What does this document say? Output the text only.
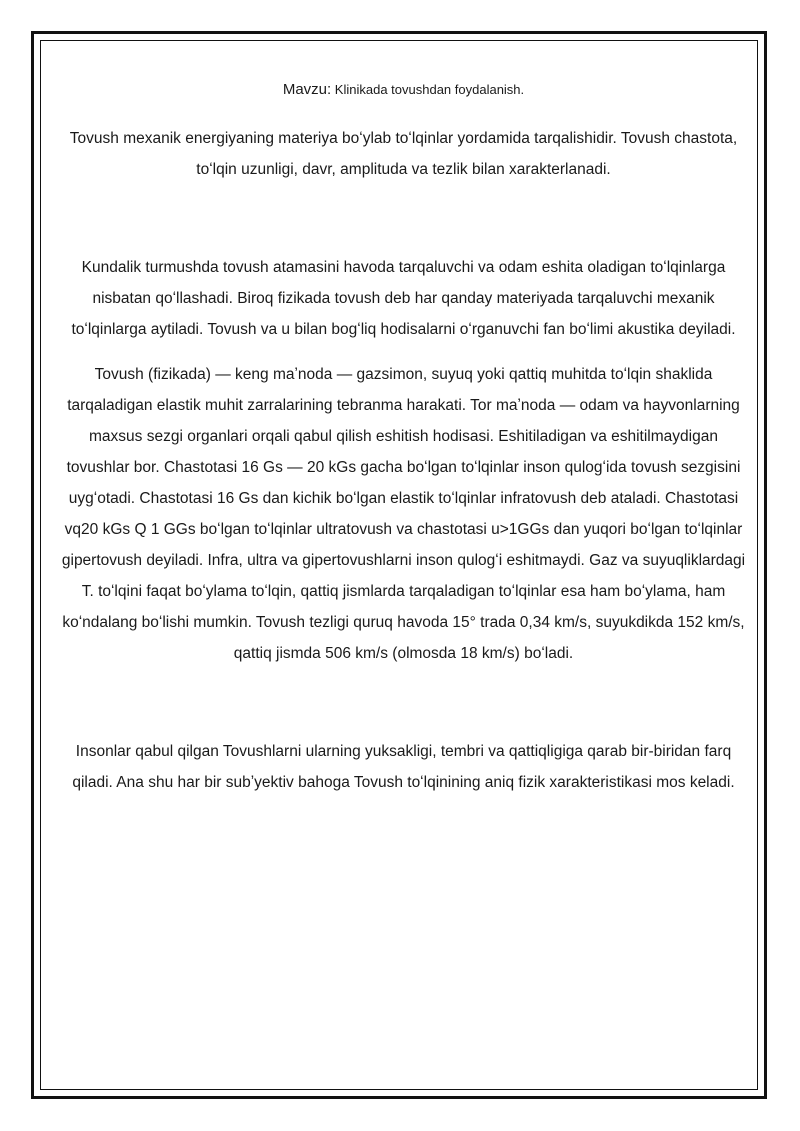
Mavzu: Klinikada tovushdan foydalanish.

Tovush mexanik energiyaning materiya boʻylab toʻlqinlar yordamida tarqalishidir. Tovush chastota, toʻlqin uzunligi, davr, amplituda va tezlik bilan xarakterlanadi.

Kundalik turmushda tovush atamasini havoda tarqaluvchi va odam eshita oladigan toʻlqinlarga nisbatan qoʻllashadi. Biroq fizikada tovush deb har qanday materiyada tarqaluvchi mexanik toʻlqinlarga aytiladi. Tovush va u bilan bogʻliq hodisalarni oʻrganuvchi fan boʻlimi akustika deyiladi.

Tovush (fizikada) — keng maʼnoda — gazsimon, suyuq yoki qattiq muhitda toʻlqin shaklida tarqaladigan elastik muhit zarralarining tebranma harakati. Tor maʼnoda — odam va hayvonlarning maxsus sezgi organlari orqali qabul qilish eshitish hodisasi. Eshitiladigan va eshitilmaydigan tovushlar bor. Chastotasi 16 Gs — 20 kGs gacha boʻlgan toʻlqinlar inson qulogʻida tovush sezgisini uygʻotadi. Chastotasi 16 Gs dan kichik boʻlgan elastik toʻlqinlar infratovush deb ataladi. Chastotasi vq20 kGs Q 1 GGs boʻlgan toʻlqinlar ultratovush va chastotasi u>1GGs dan yuqori boʻlgan toʻlqinlar gipertovush deyiladi. Infra, ultra va gipertovushlarni inson qulogʻi eshitmaydi. Gaz va suyuqliklardagi T. toʻlqini faqat boʻylama toʻlqin, qattiq jismlarda tarqaladigan toʻlqinlar esa ham boʻylama, ham koʻndalang boʻlishi mumkin. Tovush tezligi quruq havoda 15° trada 0,34 km/s, suyukdikda 152 km/s, qattiq jismda 506 km/s (olmosda 18 km/s) boʻladi.

Insonlar qabul qilgan Tovushlarni ularning yuksakligi, tembri va qattiqligiga qarab bir-biridan farq qiladi. Ana shu har bir subʼyektiv bahoga Tovush toʻlqinining aniq fizik xarakteristikasi mos keladi.
